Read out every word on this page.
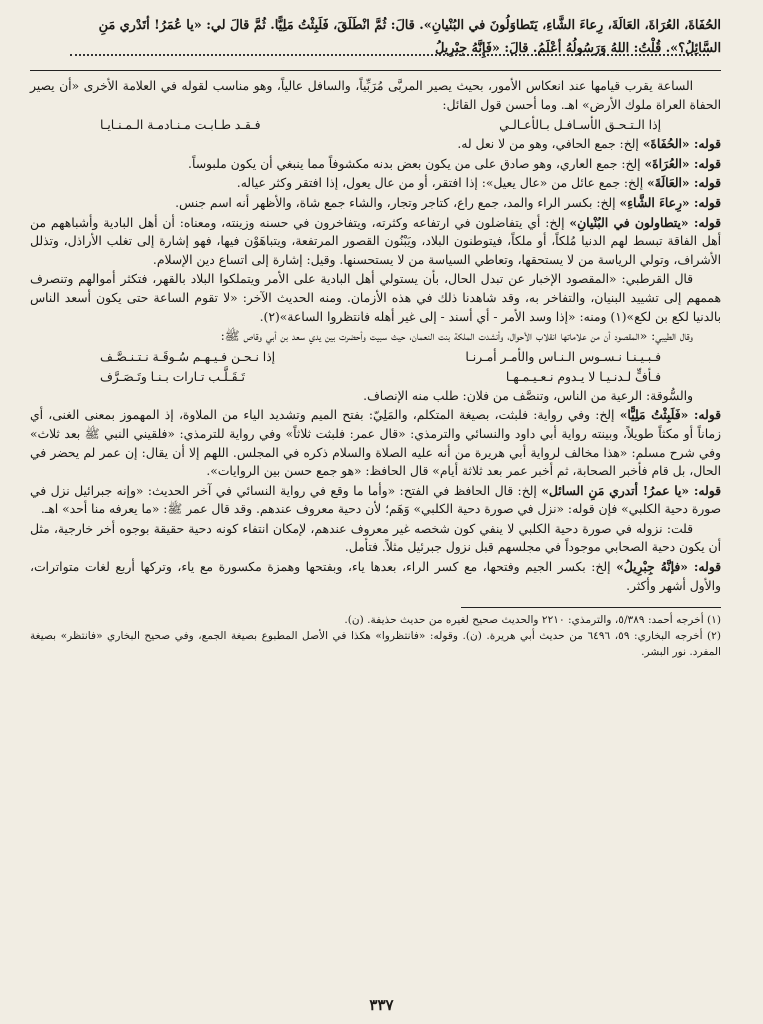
الحُفَاةَ، العُرَاةَ، العَالَةَ، رِعاءَ الشَّاءِ، يَتَطاوَلُونَ في البُنْيانِ». قالَ: ثُمَّ انْطَلَقَ، فَلَبِثْتُ مَلِيًّا. ثُمَّ قالَ لي: «يا عُمَرُ! أتَدْري مَنِ
السَّائِلُ؟». قُلْتُ: اللهُ وَرَسُولُهُ أعْلَمُ. قالَ: «فَإِنَّهُ جِبْرِيلُ

الساعة يقرب قيامها عند انعكاس الأمور، بحيث يصير المربَّى مُرَبِّياً، والسافل عالياً، وهو مناسب لقوله في العلامة الأخرى «أن يصير الحفاة العراة ملوك الأرض» اهـ. وما أحسن قول القائل:

إذا الـتـحـق الأسـافـل بـالأعـالـي
فـقـد طـابـت مـنـادمـة الـمـنـايـا

قوله: «الحُفَاةَ» إلخ: جمع الحافي، وهو من لا نعل له.

قوله: «العُرَاةَ» إلخ: جمع العاري، وهو صادق على من يكون بعض بدنه مكشوفاً مما ينبغي أن يكون ملبوساً.

قوله: «العَالَةَ» إلخ: جمع عائل من «عال يعيل»: إذا افتقر، أو من عال يعول، إذا افتقر وكثر عياله.

قوله: «رِعاءَ الشَّاءِ» إلخ: بكسر الراء والمد، جمع راع، كتاجر وتجار، والشاء جمع شاة، والأظهر أنه اسم جنس.

قوله: «يتطاولون في البُنْيانِ» إلخ: أي يتفاضلون في ارتفاعه وكثرته، ويتفاخرون في حسنه وزينته، ومعناه: أن أهل البادية وأشباههم من أهل الفاقة تبسط لهم الدنيا مُلكاً، أو ملكاً، فيتوطنون البلاد، ويَبْنُون القصور المرتفعة، ويتباهَوْن فيها، فهو إشارة إلى تغلب الأراذل، وتذلل الأشراف، وتولي الرياسة من لا يستحقها، وتعاطي السياسة من لا يستحسنها. وقيل: إشارة إلى اتساع دين الإسلام.

قال القرطبي: «المقصود الإخبار عن تبدل الحال، بأن يستولي أهل البادية على الأمر ويتملكوا البلاد بالقهر، فتكثر أموالهم وتنصرف هممهم إلى تشييد البنيان، والتفاخر به، وقد شاهدنا ذلك في هذه الأزمان. ومنه الحديث الآخر: «لا تقوم الساعة حتى يكون أسعد الناس بالدنيا لكع بن لكع»(١) ومنه: «إذا وسد الأمر - أي أسند - إلى غير أهله فانتظروا الساعة»(٢).

وقال الطيبي: «المقصود أن من علاماتها انقلاب الأحوال، وأنشدت الملكة بنت النعمان، حيث سبيت وأحضرت بين يدي سعد بن أبي وقاص ﷺ:

فـبـيـنـا نـسـوس الـنـاس والأمـر أمـرنـا
إذا نـحـن فـيـهـم سُـوقَـة نـتـنـصَّـف
فـأفٍّ لـدنـيـا لا يـدوم نـعـيـمـهـا
تَـقَـلَّـب تـارات بـنـا وتَـصَـرَّف

والسُّوقة: الرعية من الناس، وتنصَّف من فلان: طلب منه الإنصاف.

قوله: «فَلَبِثْتُ مَلِيًّا» إلخ: وفي رواية: فلبثت، بصيغة المتكلم، والمَلِيّ: بفتح الميم وتشديد الياء من الملاوة، إذ المهموز بمعنى الغنى، أي زماناً أو مكثاً طويلاً، وبينته رواية أبي داود والنسائي والترمذي: «قال عمر: فلبثت ثلاثاً» وفي رواية للترمذي: «فلقيني النبي ﷺ بعد ثلاث» وفي شرح مسلم: «هذا مخالف لرواية أبي هريرة من أنه عليه الصلاة والسلام ذكره في المجلس. اللهم إلا أن يقال: إن عمر لم يحضر في الحال، بل قام فأخبر الصحابة، ثم أخبر عمر بعد ثلاثة أيام» قال الحافظ: «هو جمع حسن بين الروايات».

قوله: «يا عمرُ! أتدري مَنِ السائل» إلخ: قال الحافظ في الفتح: «وأما ما وقع في رواية النسائي في آخر الحديث: «وإنه جبرائيل نزل في صورة دحية الكلبي» فإن قوله: «نزل في صورة دحية الكلبي» وَهَم؛ لأن دحية معروف عندهم. وقد قال عمر ﷺ: «ما يعرفه منا أحد» اهـ.

قلت: نزوله في صورة دحية الكلبي لا ينفي كون شخصه غير معروف عندهم، لإمكان انتفاء كونه دحية حقيقة بوجوه أخر خارجية، مثل أن يكون دحية الصحابي موجوداً في مجلسهم قبل نزول جبرئيل مثلاً. فتأمل.

قوله: «فإنَّهُ جِبْرِيلُ» إلخ: بكسر الجيم وفتحها، مع كسر الراء، بعدها ياء، وبفتحها وهمزة مكسورة مع ياء، وتركها أربع لغات متواترات، والأول أشهر وأكثر.

(١) أخرجه أحمد: ٥/٣٨٩، والترمذي: ٢٢١٠ والحديث صحيح لغيره من حديث حذيفة. (ن).

(٢) أخرجه البخاري: ٥٩، ٦٤٩٦ من حديث أبي هريرة. (ن). وقوله: «فانتظروا» هكذا في الأصل المطبوع بصيغة الجمع، وفي صحيح البخاري «فانتظر» بصيغة المفرد. نور البشر.

٣٣٧
